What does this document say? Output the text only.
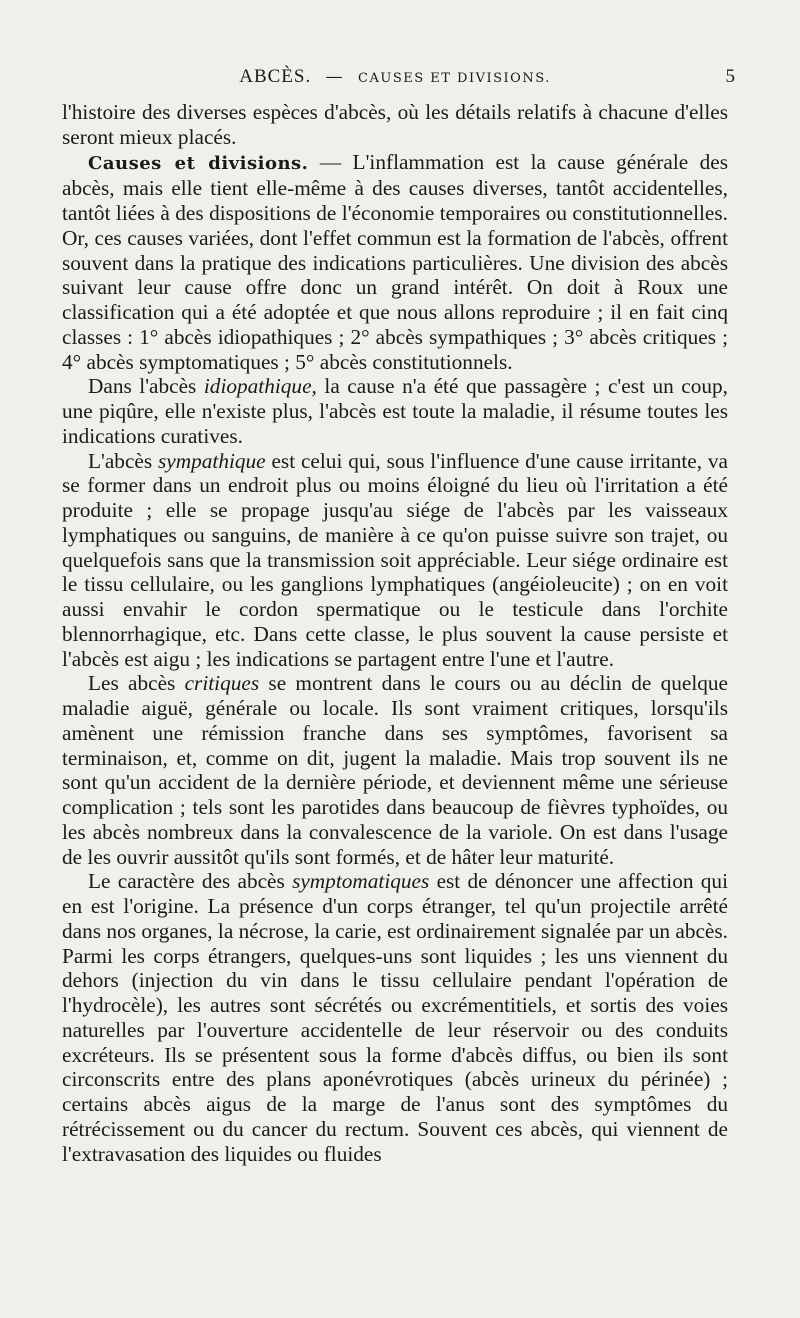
ABCÈS. — CAUSES ET DIVISIONS.	5

l'histoire des diverses espèces d'abcès, où les détails relatifs à chacune d'elles seront mieux placés.

Causes et divisions. — L'inflammation est la cause générale des abcès, mais elle tient elle-même à des causes diverses, tantôt accidentelles, tantôt liées à des dispositions de l'économie temporaires ou constitutionnelles. Or, ces causes variées, dont l'effet commun est la formation de l'abcès, offrent souvent dans la pratique des indications particulières. Une division des abcès suivant leur cause offre donc un grand intérêt. On doit à Roux une classification qui a été adoptée et que nous allons reproduire ; il en fait cinq classes : 1° abcès idiopathiques ; 2° abcès sympathiques ; 3° abcès critiques ; 4° abcès symptomatiques ; 5° abcès constitutionnels.

Dans l'abcès idiopathique, la cause n'a été que passagère ; c'est un coup, une piqûre, elle n'existe plus, l'abcès est toute la maladie, il résume toutes les indications curatives.

L'abcès sympathique est celui qui, sous l'influence d'une cause irritante, va se former dans un endroit plus ou moins éloigné du lieu où l'irritation a été produite ; elle se propage jusqu'au siége de l'abcès par les vaisseaux lymphatiques ou sanguins, de manière à ce qu'on puisse suivre son trajet, ou quelquefois sans que la transmission soit appréciable. Leur siége ordinaire est le tissu cellulaire, ou les ganglions lymphatiques (angéioleucite) ; on en voit aussi envahir le cordon spermatique ou le testicule dans l'orchite blennorrhagique, etc. Dans cette classe, le plus souvent la cause persiste et l'abcès est aigu ; les indications se partagent entre l'une et l'autre.

Les abcès critiques se montrent dans le cours ou au déclin de quelque maladie aiguë, générale ou locale. Ils sont vraiment critiques, lorsqu'ils amènent une rémission franche dans ses symptômes, favorisent sa terminaison, et, comme on dit, jugent la maladie. Mais trop souvent ils ne sont qu'un accident de la dernière période, et deviennent même une sérieuse complication ; tels sont les parotides dans beaucoup de fièvres typhoïdes, ou les abcès nombreux dans la convalescence de la variole. On est dans l'usage de les ouvrir aussitôt qu'ils sont formés, et de hâter leur maturité.

Le caractère des abcès symptomatiques est de dénoncer une affection qui en est l'origine. La présence d'un corps étranger, tel qu'un projectile arrêté dans nos organes, la nécrose, la carie, est ordinairement signalée par un abcès. Parmi les corps étrangers, quelques-uns sont liquides ; les uns viennent du dehors (injection du vin dans le tissu cellulaire pendant l'opération de l'hydrocèle), les autres sont sécrétés ou excrémentitiels, et sortis des voies naturelles par l'ouverture accidentelle de leur réservoir ou des conduits excréteurs. Ils se présentent sous la forme d'abcès diffus, ou bien ils sont circonscrits entre des plans aponévrotiques (abcès urineux du périnée) ; certains abcès aigus de la marge de l'anus sont des symptômes du rétrécissement ou du cancer du rectum. Souvent ces abcès, qui viennent de l'extravasation des liquides ou fluides
